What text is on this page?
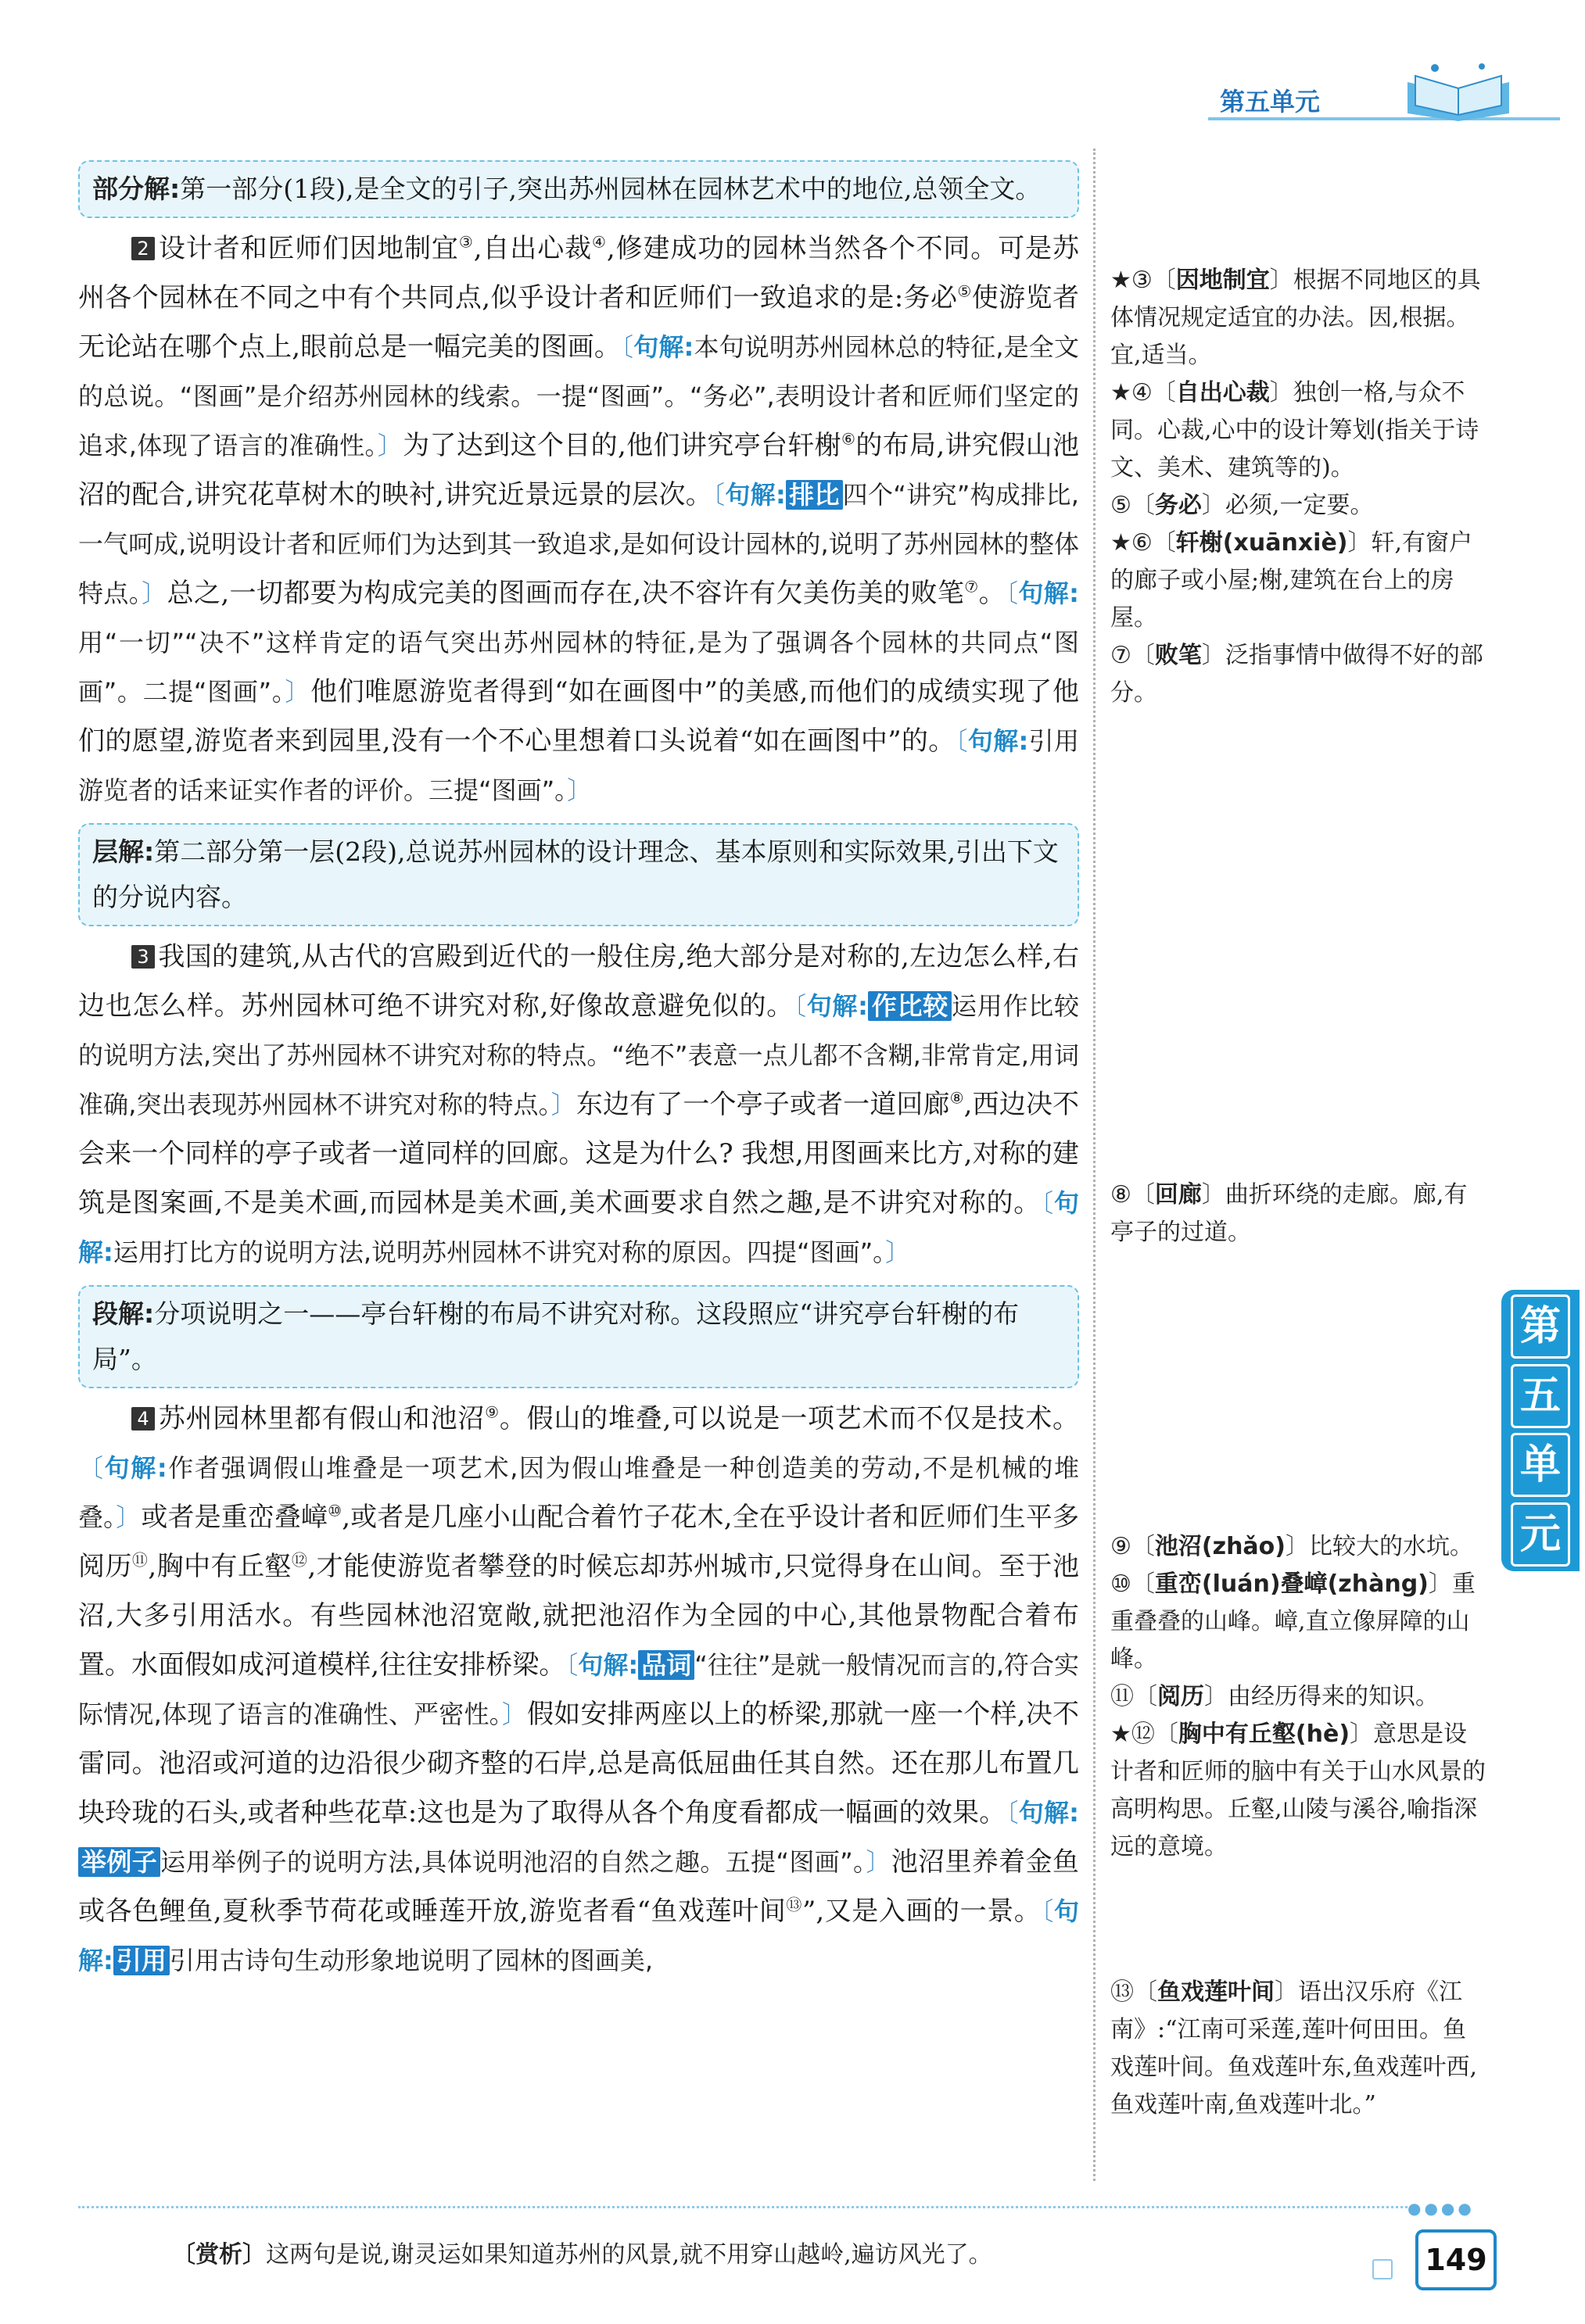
第五单元
部分解:第一部分(1段),是全文的引子,突出苏州园林在园林艺术中的地位,总领全文。

2 设计者和匠师们因地制宜③,自出心裁④,修建成功的园林当然各个不同。可是苏州各个园林在不同之中有个共同点,似乎设计者和匠师们一致追求的是:务必⑤使游览者无论站在哪个点上,眼前总是一幅完美的图画。〔句解:本句说明苏州园林总的特征,是全文的总说。“图画”是介绍苏州园林的线索。一提“图画”。“务必”,表明设计者和匠师们坚定的追求,体现了语言的准确性。〕为了达到这个目的,他们讲究亭台轩榭⑥的布局,讲究假山池沼的配合,讲究花草树木的映衬,讲究近景远景的层次。〔句解: 排比 四个“讲究”构成排比,一气呵成,说明设计者和匠师们为达到其一致追求,是如何设计园林的,说明了苏州园林的整体特点。〕总之,一切都要为构成完美的图画而存在,决不容许有欠美伤美的败笔⑦。〔句解:用“一切”“决不”这样肯定的语气突出苏州园林的特征,是为了强调各个园林的共同点“图画”。二提“图画”。〕他们唯愿游览者得到“如在画图中”的美感,而他们的成绩实现了他们的愿望,游览者来到园里,没有一个不心里想着口头说着“如在画图中”的。〔句解:引用游览者的话来证实作者的评价。三提“图画”。〕

层解:第二部分第一层(2段),总说苏州园林的设计理念、基本原则和实际效果,引出下文的分说内容。

3 我国的建筑,从古代的宫殿到近代的一般住房,绝大部分是对称的,左边怎么样,右边也怎么样。苏州园林可绝不讲究对称,好像故意避免似的。〔句解: 作比较 运用作比较的说明方法,突出了苏州园林不讲究对称的特点。“绝不”表意一点儿都不含糊,非常肯定,用词准确,突出表现苏州园林不讲究对称的特点。〕东边有了一个亭子或者一道回廊⑧,西边决不会来一个同样的亭子或者一道同样的回廊。这是为什么? 我想,用图画来比方,对称的建筑是图案画,不是美术画,而园林是美术画,美术画要求自然之趣,是不讲究对称的。〔句解:运用打比方的说明方法,说明苏州园林不讲究对称的原因。四提“图画”。〕

段解:分项说明之一——亭台轩榭的布局不讲究对称。这段照应“讲究亭台轩榭的布局”。

4 苏州园林里都有假山和池沼⑨。假山的堆叠,可以说是一项艺术而不仅是技术。〔句解:作者强调假山堆叠是一项艺术,因为假山堆叠是一种创造美的劳动,不是机械的堆叠。〕或者是重峦叠嶂⑩,或者是几座小山配合着竹子花木,全在乎设计者和匠师们生平多阅历⑪,胸中有丘壑⑫,才能使游览者攀登的时候忘却苏州城市,只觉得身在山间。至于池沼,大多引用活水。有些园林池沼宽敞,就把池沼作为全园的中心,其他景物配合着布置。水面假如成河道模样,往往安排桥梁。〔句解: 品词 “往往”是就一般情况而言的,符合实际情况,体现了语言的准确性、严密性。〕假如安排两座以上的桥梁,那就一座一个样,决不雷同。池沼或河道的边沿很少砌齐整的石岸,总是高低屈曲任其自然。还在那儿布置几块玲珑的石头,或者种些花草:这也是为了取得从各个角度看都成一幅画的效果。〔句解:举例子 运用举例子的说明方法,具体说明池沼的自然之趣。五提“图画”。〕池沼里养着金鱼或各色鲤鱼,夏秋季节荷花或睡莲开放,游览者看“鱼戏莲叶间⑬”,又是入画的一景。〔句解: 引用 引用古诗句生动形象地说明了园林的图画美,

★③〔因地制宜〕根据不同地区的具体情况规定适宜的办法。因,根据。宜,适当。
★④〔自出心裁〕独创一格,与众不同。心裁,心中的设计筹划(指关于诗文、美术、建筑等的)。
⑤〔务必〕必须,一定要。
★⑥〔轩榭(xuānxiè)〕轩,有窗户的廊子或小屋;榭,建筑在台上的房屋。
⑦〔败笔〕泛指事情中做得不好的部分。
⑧〔回廊〕曲折环绕的走廊。廊,有亭子的过道。
⑨〔池沼(zhǎo)〕比较大的水坑。
⑩〔重峦(luán)叠嶂(zhàng)〕重重叠叠的山峰。嶂,直立像屏障的山峰。
⑪〔阅历〕由经历得来的知识。
★⑫〔胸中有丘壑(hè)〕意思是设计者和匠师的脑中有关于山水风景的高明构思。丘壑,山陵与溪谷,喻指深远的意境。
⑬〔鱼戏莲叶间〕语出汉乐府《江南》:“江南可采莲,莲叶何田田。鱼戏莲叶间。鱼戏莲叶东,鱼戏莲叶西,鱼戏莲叶南,鱼戏莲叶北。”
第
五
单
元
●●●●
〔赏析〕这两句是说,谢灵运如果知道苏州的风景,就不用穿山越岭,遍访风光了。	149
